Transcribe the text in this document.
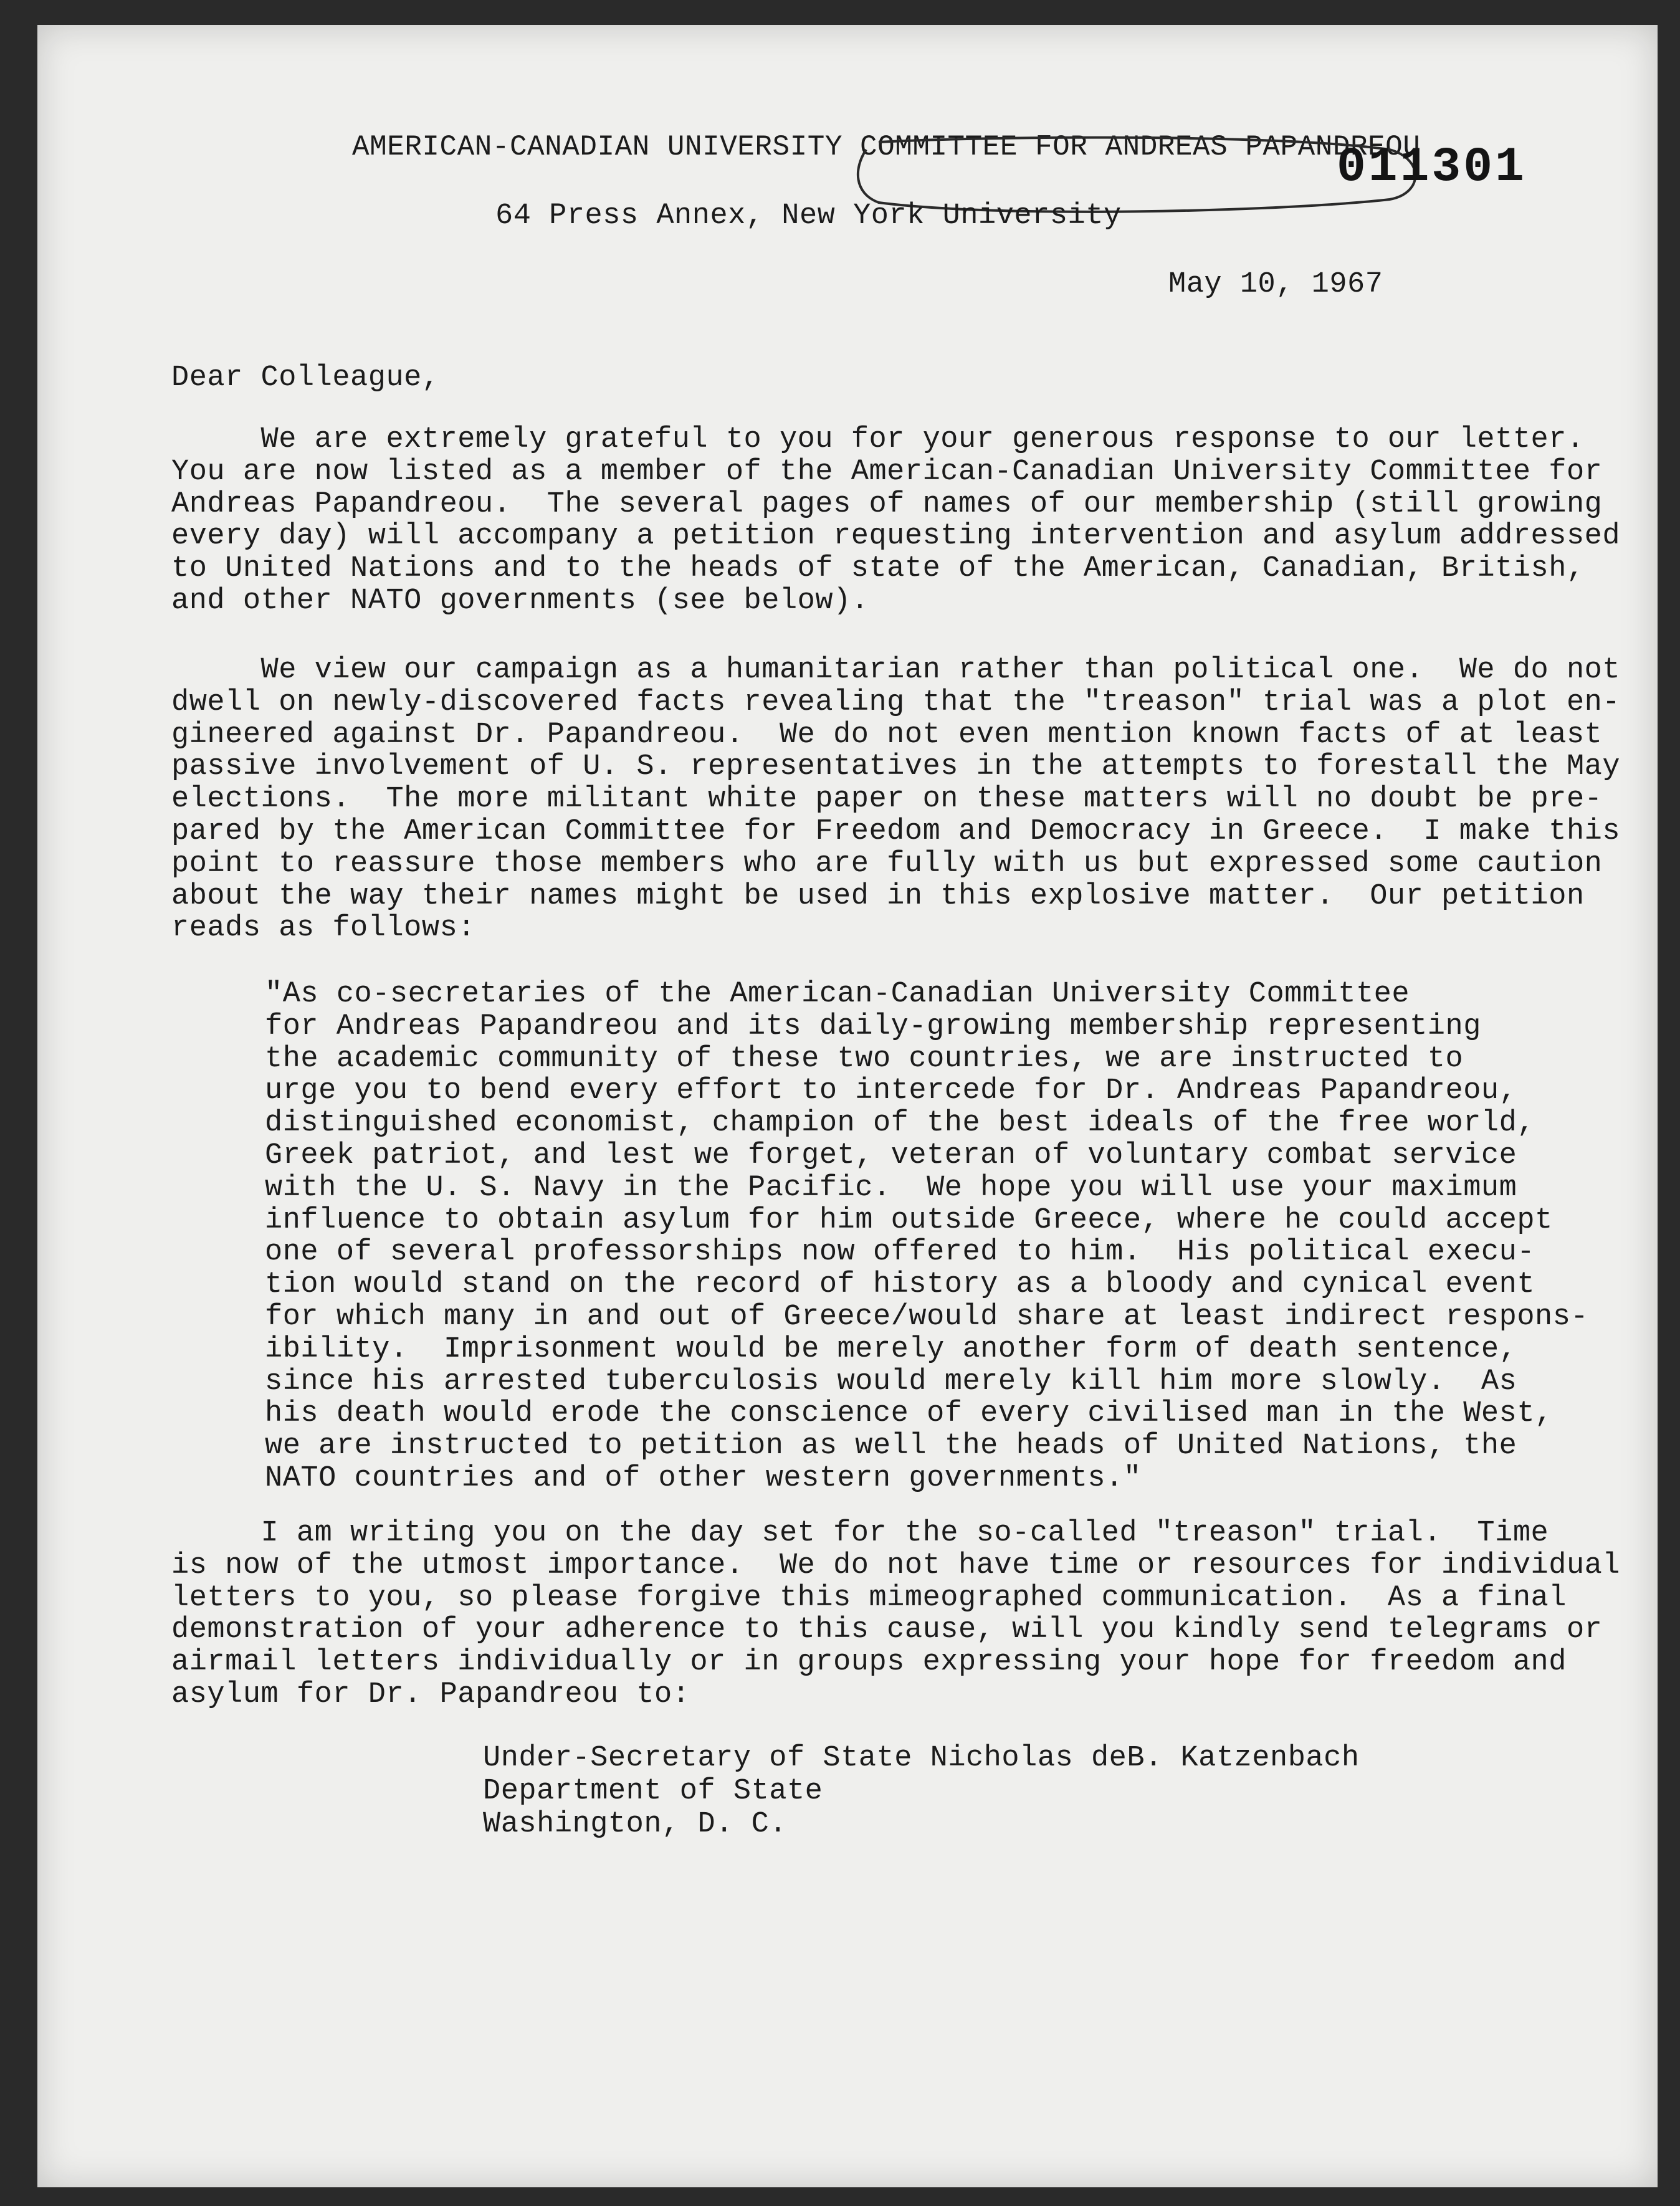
AMERICAN-CANADIAN UNIVERSITY COMMITTEE FOR ANDREAS PAPANDREOU
011301
64 Press Annex, New York University
May 10, 1967
Dear Colleague,
We are extremely grateful to you for your generous response to our letter.
You are now listed as a member of the American-Canadian University Committee for
Andreas Papandreou.  The several pages of names of our membership (still growing
every day) will accompany a petition requesting intervention and asylum addressed
to United Nations and to the heads of state of the American, Canadian, British,
and other NATO governments (see below).
We view our campaign as a humanitarian rather than political one.  We do not
dwell on newly-discovered facts revealing that the "treason" trial was a plot en-
gineered against Dr. Papandreou.  We do not even mention known facts of at least
passive involvement of U. S. representatives in the attempts to forestall the May
elections.  The more militant white paper on these matters will no doubt be pre-
pared by the American Committee for Freedom and Democracy in Greece.  I make this
point to reassure those members who are fully with us but expressed some caution
about the way their names might be used in this explosive matter.  Our petition
reads as follows:
"As co-secretaries of the American-Canadian University Committee
for Andreas Papandreou and its daily-growing membership representing
the academic community of these two countries, we are instructed to
urge you to bend every effort to intercede for Dr. Andreas Papandreou,
distinguished economist, champion of the best ideals of the free world,
Greek patriot, and lest we forget, veteran of voluntary combat service
with the U. S. Navy in the Pacific.  We hope you will use your maximum
influence to obtain asylum for him outside Greece, where he could accept
one of several professorships now offered to him.  His political execu-
tion would stand on the record of history as a bloody and cynical event
for which many in and out of Greece/would share at least indirect respons-
ibility.  Imprisonment would be merely another form of death sentence,
since his arrested tuberculosis would merely kill him more slowly.  As
his death would erode the conscience of every civilised man in the West,
we are instructed to petition as well the heads of United Nations, the
NATO countries and of other western governments."
I am writing you on the day set for the so-called "treason" trial.  Time
is now of the utmost importance.  We do not have time or resources for individual
letters to you, so please forgive this mimeographed communication.  As a final
demonstration of your adherence to this cause, will you kindly send telegrams or
airmail letters individually or in groups expressing your hope for freedom and
asylum for Dr. Papandreou to:
Under-Secretary of State Nicholas deB. Katzenbach
Department of State
Washington, D. C.
